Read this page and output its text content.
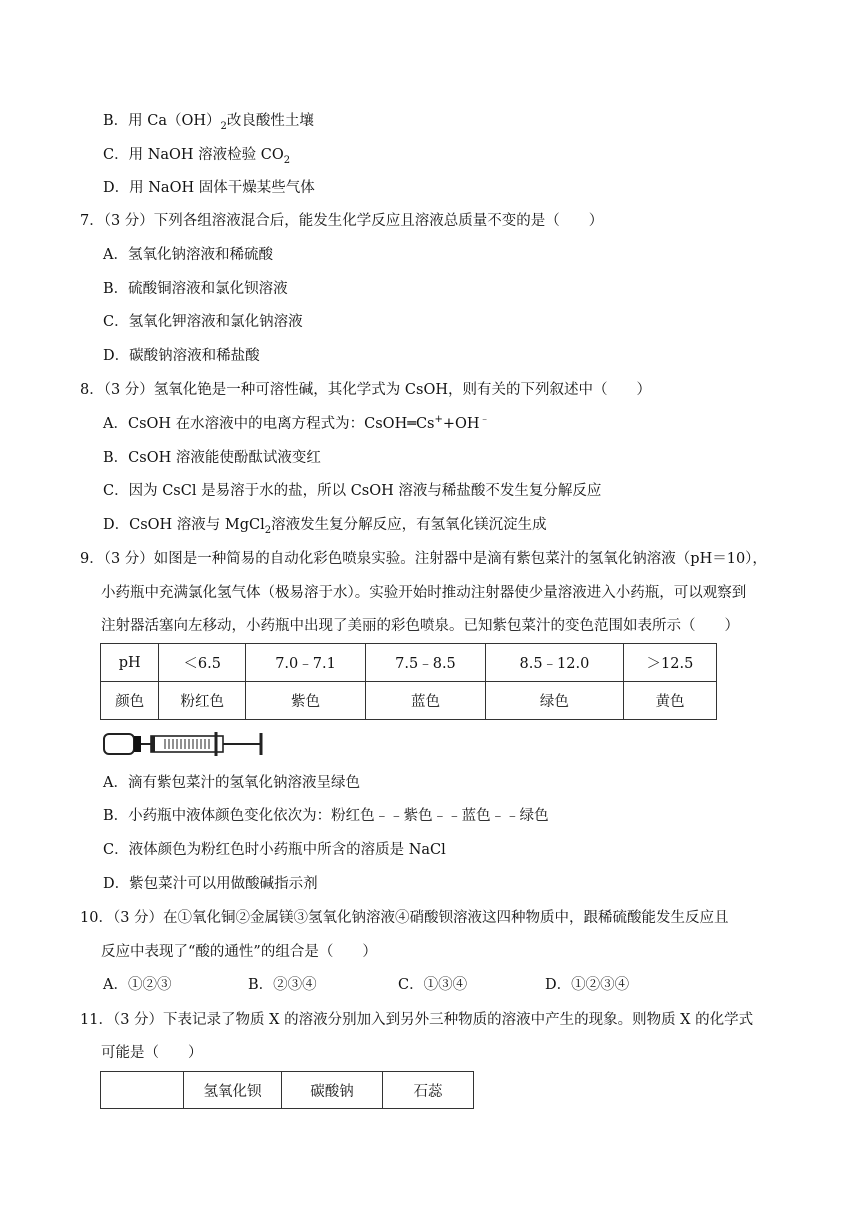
B．用 $Ca(OH)_2$改良酸性土壤
C．用 NaOH 溶液检验 $CO_2$
D．用 NaOH 固体干燥某些气体
7．（3 分）下列各组溶液混合后，能发生化学反应且溶液总质量不变的是（　　）
A．氢氧化钠溶液和稀硫酸
B．硫酸铜溶液和氯化钡溶液
C．氢氧化钾溶液和氯化钠溶液
D．碳酸钠溶液和稀盐酸
8．（3 分）氢氧化铯是一种可溶性碱，其化学式为 CsOH，则有关的下列叙述中（　　）
A．CsOH 在水溶液中的电离方程式为：CsOH═Cs++OH﹣
B．CsOH 溶液能使酚酞试液变红
C．因为 CsCl 是易溶于水的盐，所以 CsOH 溶液与稀盐酸不发生复分解反应
D．CsOH 溶液与 MgCl$_2$溶液发生复分解反应，有氢氧化镁沉淀生成
9．（3 分）如图是一种简易的自动化彩色喷泉实验。注射器中是滴有紫包菜汁的氢氧化钠溶液（pH＝10），
小药瓶中充满氯化氢气体（极易溶于水）。实验开始时推动注射器使少量溶液进入小药瓶，可以观察到
注射器活塞向左移动，小药瓶中出现了美丽的彩色喷泉。已知紫包菜汁的变色范围如表所示（　　）
pH	＜6.5	7.0﹣7.1	7.5﹣8.5	8.5﹣12.0	＞12.5
颜色	粉红色	紫色	蓝色	绿色	黄色
A．滴有紫包菜汁的氢氧化钠溶液呈绿色
B．小药瓶中液体颜色变化依次为：粉红色﹣﹣紫色﹣﹣蓝色﹣﹣绿色
C．液体颜色为粉红色时小药瓶中所含的溶质是 NaCl
D．紫包菜汁可以用做酸碱指示剂
10．（3 分）在①氧化铜②金属镁③氢氧化钠溶液④硝酸钡溶液这四种物质中，跟稀硫酸能发生反应且
反应中表现了“酸的通性”的组合是（　　）
A．①②③	B．②③④	C．①③④	D．①②③④
11．（3 分）下表记录了物质 X 的溶液分别加入到另外三种物质的溶液中产生的现象。则物质 X 的化学式
可能是（　　）
	氢氧化钡	碳酸钠	石蕊
